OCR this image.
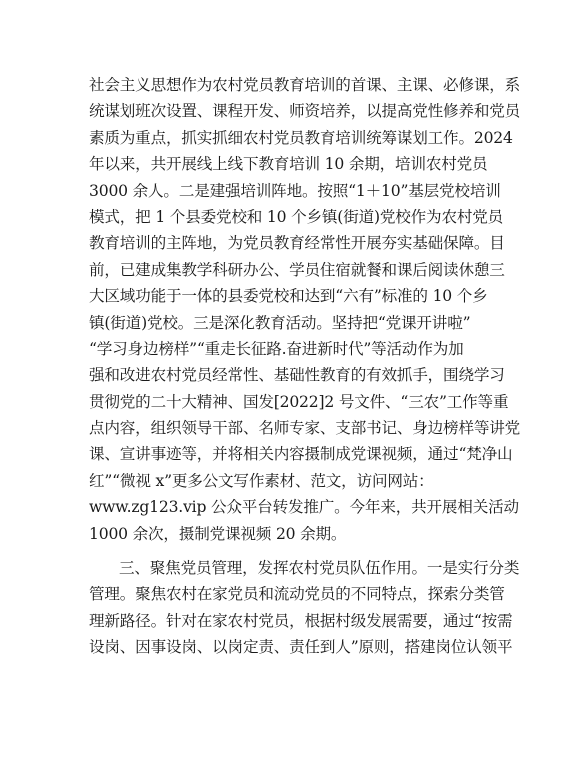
社会主义思想作为农村党员教育培训的首课、主课、必修课，系
统谋划班次设置、课程开发、师资培养，以提高党性修养和党员
素质为重点，抓实抓细农村党员教育培训统筹谋划工作。2024
年以来，共开展线上线下教育培训 10 余期，培训农村党员
3000 余人。二是建强培训阵地。按照“1＋10”基层党校培训
模式，把 1 个县委党校和 10 个乡镇(街道)党校作为农村党员
教育培训的主阵地，为党员教育经常性开展夯实基础保障。目
前，已建成集教学科研办公、学员住宿就餐和课后阅读休憩三
大区域功能于一体的县委党校和达到“六有”标准的 10 个乡
镇(街道)党校。三是深化教育活动。坚持把“党课开讲啦”
“学习身边榜样”“重走长征路.奋进新时代”等活动作为加
强和改进农村党员经常性、基础性教育的有效抓手，围绕学习
贯彻党的二十大精神、国发[2022]2 号文件、“三农”工作等重
点内容，组织领导干部、名师专家、支部书记、身边榜样等讲党
课、宣讲事迹等，并将相关内容摄制成党课视频，通过“梵净山
红”“微视 x”更多公文写作素材、范文，访问网站：
www.zg123.vip 公众平台转发推广。今年来，共开展相关活动
1000 余次，摄制党课视频 20 余期。
三、聚焦党员管理，发挥农村党员队伍作用。一是实行分类
管理。聚焦农村在家党员和流动党员的不同特点，探索分类管
理新路径。针对在家农村党员，根据村级发展需要，通过“按需
设岗、因事设岗、以岗定责、责任到人”原则，搭建岗位认领平
